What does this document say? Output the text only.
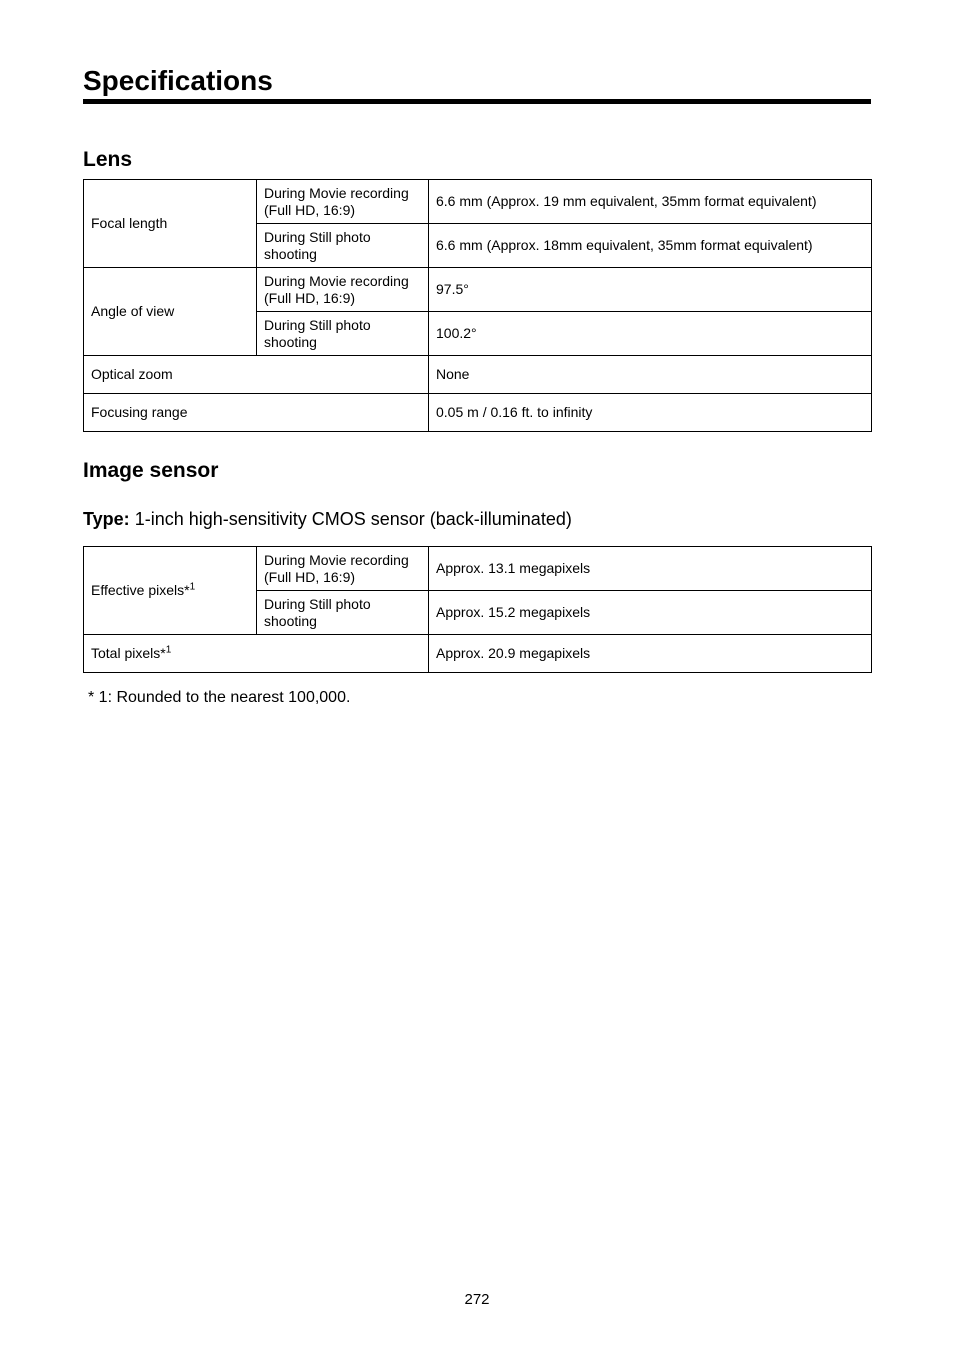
Specifications
Lens
Focal length	During Movie recording (Full HD, 16:9)	6.6 mm (Approx. 19 mm equivalent, 35mm format equivalent)
	During Still photo shooting	6.6 mm (Approx. 18mm equivalent, 35mm format equivalent)
Angle of view	During Movie recording (Full HD, 16:9)	97.5°
	During Still photo shooting	100.2°
Optical zoom		None
Focusing range		0.05 m / 0.16 ft. to infinity
Image sensor

Type: 1-inch high-sensitivity CMOS sensor (back-illuminated)

Effective pixels*$^1$	During Movie recording (Full HD, 16:9)	Approx. 13.1 megapixels
	During Still photo shooting	Approx. 15.2 megapixels
Total pixels*$^1$		Approx. 20.9 megapixels

* 1: Rounded to the nearest 100,000.

272
